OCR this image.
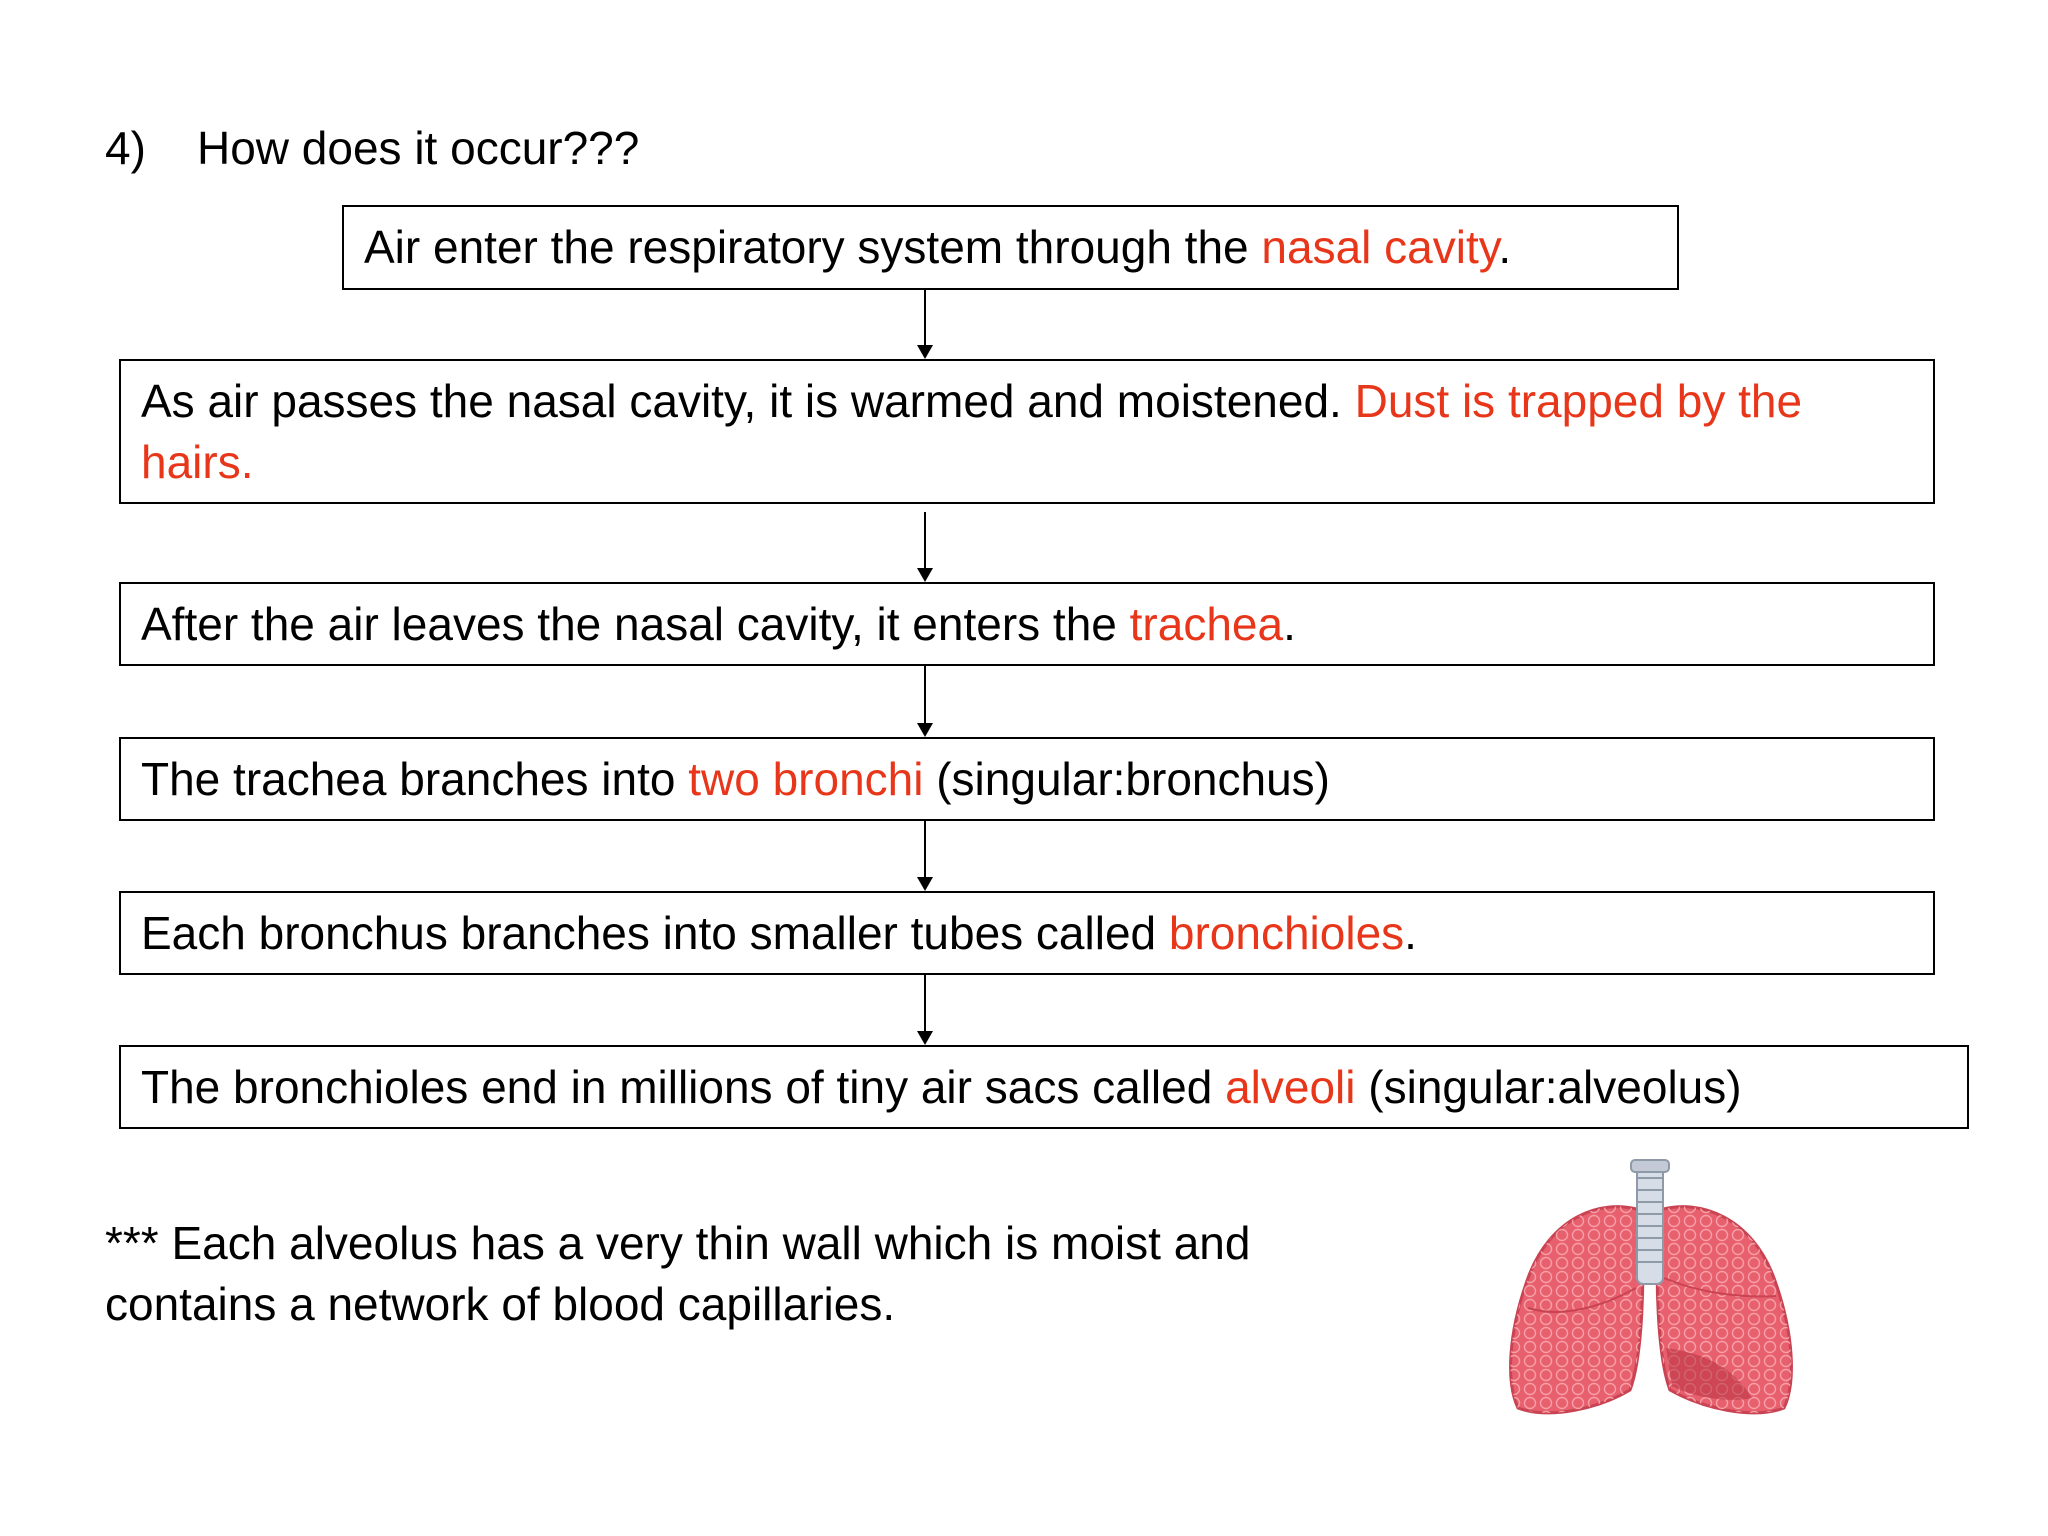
4) How does it occur???
Air enter the respiratory system through the nasal cavity.
As air passes the nasal cavity, it is warmed and moistened. Dust is trapped by the hairs.
After the air leaves the nasal cavity, it enters the trachea.
The trachea branches into two bronchi (singular:bronchus)
Each bronchus branches into smaller tubes called bronchioles.
The bronchioles end in millions of tiny air sacs called alveoli (singular:alveolus)
*** Each alveolus has a very thin wall which is moist and contains a network of blood capillaries.
